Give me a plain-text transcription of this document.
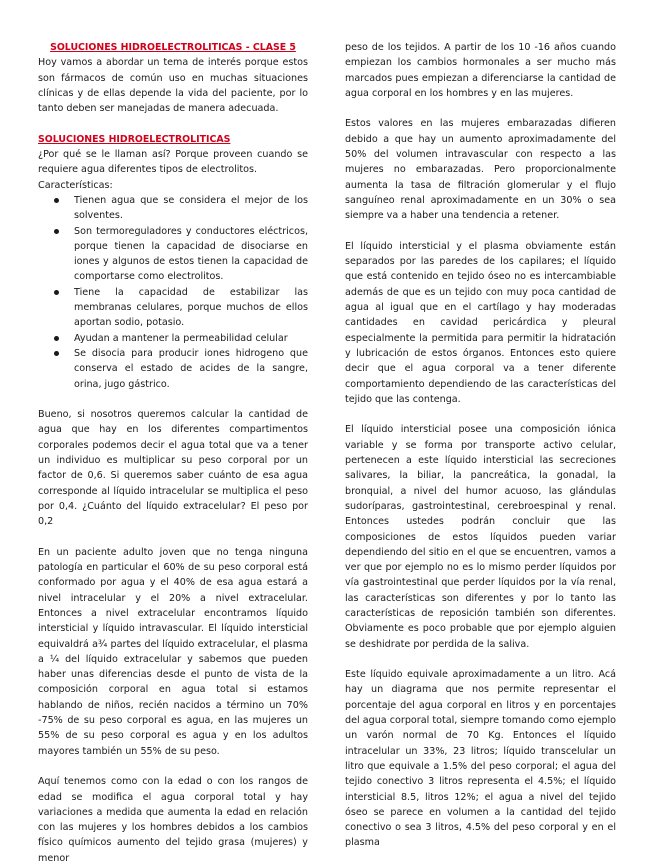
SOLUCIONES HIDROELECTROLITICAS - CLASE 5

Hoy vamos a abordar un tema de interés porque estos son fármacos de común uso en muchas situaciones clínicas y de ellas depende la vida del paciente, por lo tanto deben ser manejadas de manera adecuada.

SOLUCIONES HIDROELECTROLITICAS

¿Por qué se le llaman así? Porque proveen cuando se requiere agua diferentes tipos de electrolitos.

Características:

Tienen agua que se considera el mejor de los solventes.
Son termoreguladores y conductores eléctricos, porque tienen la capacidad de disociarse en iones y algunos de estos tienen la capacidad de comportarse como electrolitos.
Tiene la capacidad de estabilizar las membranas celulares, porque muchos de ellos aportan sodio, potasio.
Ayudan a mantener la permeabilidad celular
Se disocia para producir iones hidrogeno que conserva el estado de acides de la sangre, orina, jugo gástrico.

Bueno, si nosotros queremos calcular la cantidad de agua que hay en los diferentes compartimentos corporales podemos decir el agua total que va a tener un individuo es multiplicar su peso corporal por un factor de 0,6. Si queremos saber cuánto de esa agua corresponde al líquido intracelular se multiplica el peso por 0,4. ¿Cuánto del líquido extracelular? El peso por 0,2

En un paciente adulto joven que no tenga ninguna patología en particular el 60% de su peso corporal está conformado por agua y el 40% de esa agua estará a nivel intracelular y el 20% a nivel extracelular. Entonces a nivel extracelular encontramos líquido intersticial y líquido intravascular. El líquido intersticial equivaldrá a¾ partes del líquido extracelular, el plasma a ¼ del líquido extracelular y sabemos que pueden haber unas diferencias desde el punto de vista de la composición corporal en agua total si estamos hablando de niños, recién nacidos a término un 70% -75% de su peso corporal es agua, en las mujeres un 55% de su peso corporal es agua y en los adultos mayores también un 55% de su peso.

Aquí tenemos como con la edad o con los rangos de edad se modifica el agua corporal total y hay variaciones a medida que aumenta la edad en relación con las mujeres y los hombres debidos a los cambios físico químicos aumento del tejido grasa (mujeres) y menor

peso de los tejidos. A partir de los 10 -16 años cuando empiezan los cambios hormonales a ser mucho más marcados pues empiezan a diferenciarse la cantidad de agua corporal en los hombres y en las mujeres.

Estos valores en las mujeres embarazadas difieren debido a que hay un aumento aproximadamente del 50% del volumen intravascular con respecto a las mujeres no embarazadas. Pero proporcionalmente aumenta la tasa de filtración glomerular y el flujo sanguíneo renal aproximadamente en un 30% o sea siempre va a haber una tendencia a retener.

El líquido intersticial y el plasma obviamente están separados por las paredes de los capilares; el líquido que está contenido en tejido óseo no es intercambiable además de que es un tejido con muy poca cantidad de agua al igual que en el cartílago y hay moderadas cantidades en cavidad pericárdica y pleural especialmente la permitida para permitir la hidratación y lubricación de estos órganos. Entonces esto quiere decir que el agua corporal va a tener diferente comportamiento dependiendo de las características del tejido que las contenga.

El líquido intersticial posee una composición iónica variable y se forma por transporte activo celular, pertenecen a este líquido intersticial las secreciones salivares, la biliar, la pancreática, la gonadal, la bronquial, a nivel del humor acuoso, las glándulas sudoríparas, gastrointestinal, cerebroespinal y renal. Entonces ustedes podrán concluir que las composiciones de estos líquidos pueden variar dependiendo del sitio en el que se encuentren, vamos a ver que por ejemplo no es lo mismo perder líquidos por vía gastrointestinal que perder líquidos por la vía renal, las características son diferentes y por lo tanto las características de reposición también son diferentes. Obviamente es poco probable que por ejemplo alguien se deshidrate por perdida de la saliva.

Este líquido equivale aproximadamente a un litro. Acá hay un diagrama que nos permite representar el porcentaje del agua corporal en litros y en porcentajes del agua corporal total, siempre tomando como ejemplo un varón normal de 70 Kg. Entonces el líquido intracelular un 33%, 23 litros; líquido transcelular un litro que equivale a 1.5% del peso corporal; el agua del tejido conectivo 3 litros representa el 4.5%; el líquido intersticial 8.5, litros 12%; el agua a nivel del tejido óseo se parece en volumen a la cantidad del tejido conectivo o sea 3 litros, 4.5% del peso corporal y en el plasma
